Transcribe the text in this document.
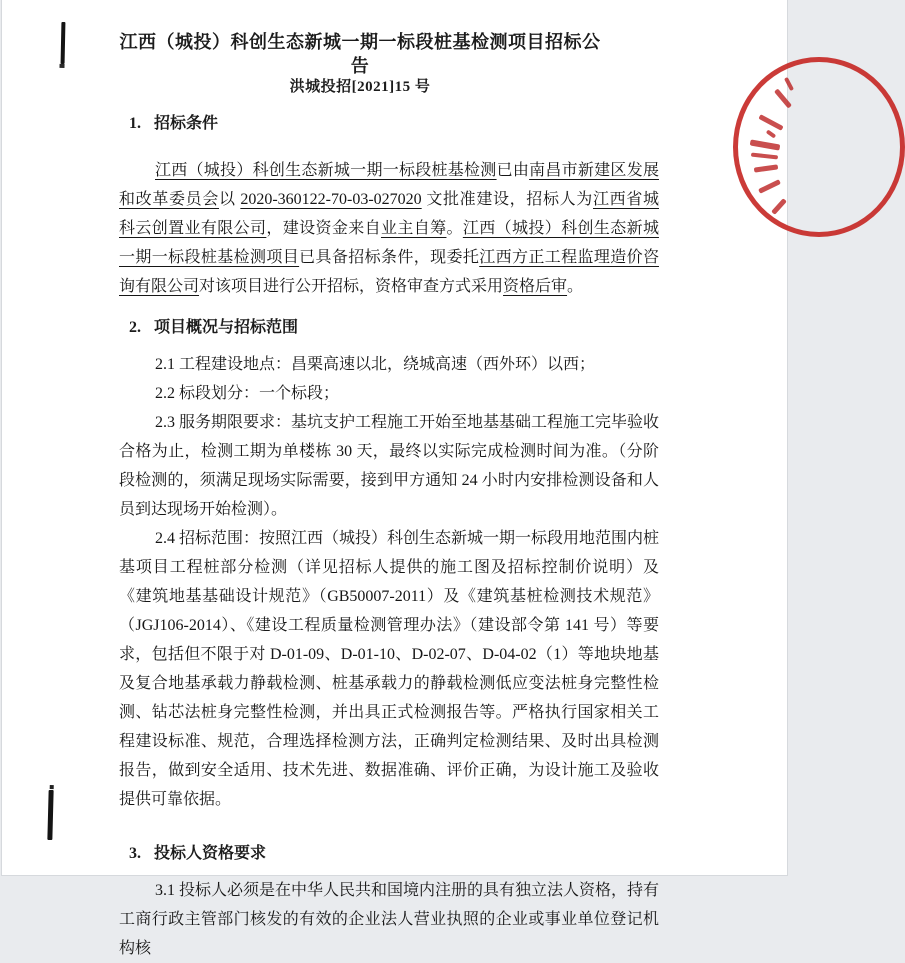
江西（城投）科创生态新城一期一标段桩基检测项目招标公告
洪城投招[2021]15 号
1. 招标条件

江西（城投）科创生态新城一期一标段桩基检测已由南昌市新建区发展和改革委员会以 2020-360122-70-03-027020 文批准建设，招标人为江西省城科云创置业有限公司，建设资金来自业主自筹。江西（城投）科创生态新城一期一标段桩基检测项目已具备招标条件，现委托江西方正工程监理造价咨询有限公司对该项目进行公开招标，资格审查方式采用资格后审。

2. 项目概况与招标范围

2.1 工程建设地点：昌栗高速以北，绕城高速（西外环）以西；

2.2 标段划分：一个标段；

2.3 服务期限要求：基坑支护工程施工开始至地基基础工程施工完毕验收合格为止，检测工期为单楼栋 30 天，最终以实际完成检测时间为准。（分阶段检测的，须满足现场实际需要，接到甲方通知 24 小时内安排检测设备和人员到达现场开始检测）。

2.4 招标范围：按照江西（城投）科创生态新城一期一标段用地范围内桩基项目工程桩部分检测（详见招标人提供的施工图及招标控制价说明）及《建筑地基基础设计规范》（GB50007-2011）及《建筑基桩检测技术规范》（JGJ106-2014）、《建设工程质量检测管理办法》（建设部令第 141 号）等要求，包括但不限于对 D-01-09、D-01-10、D-02-07、D-04-02（1）等地块地基及复合地基承载力静载检测、桩基承载力的静载检测低应变法桩身完整性检测、钻芯法桩身完整性检测，并出具正式检测报告等。严格执行国家相关工程建设标准、规范，合理选择检测方法，正确判定检测结果、及时出具检测报告，做到安全适用、技术先进、数据准确、评价正确，为设计施工及验收提供可靠依据。

3. 投标人资格要求

3.1 投标人必须是在中华人民共和国境内注册的具有独立法人资格，持有工商行政主管部门核发的有效的企业法人营业执照的企业或事业单位登记机构核
